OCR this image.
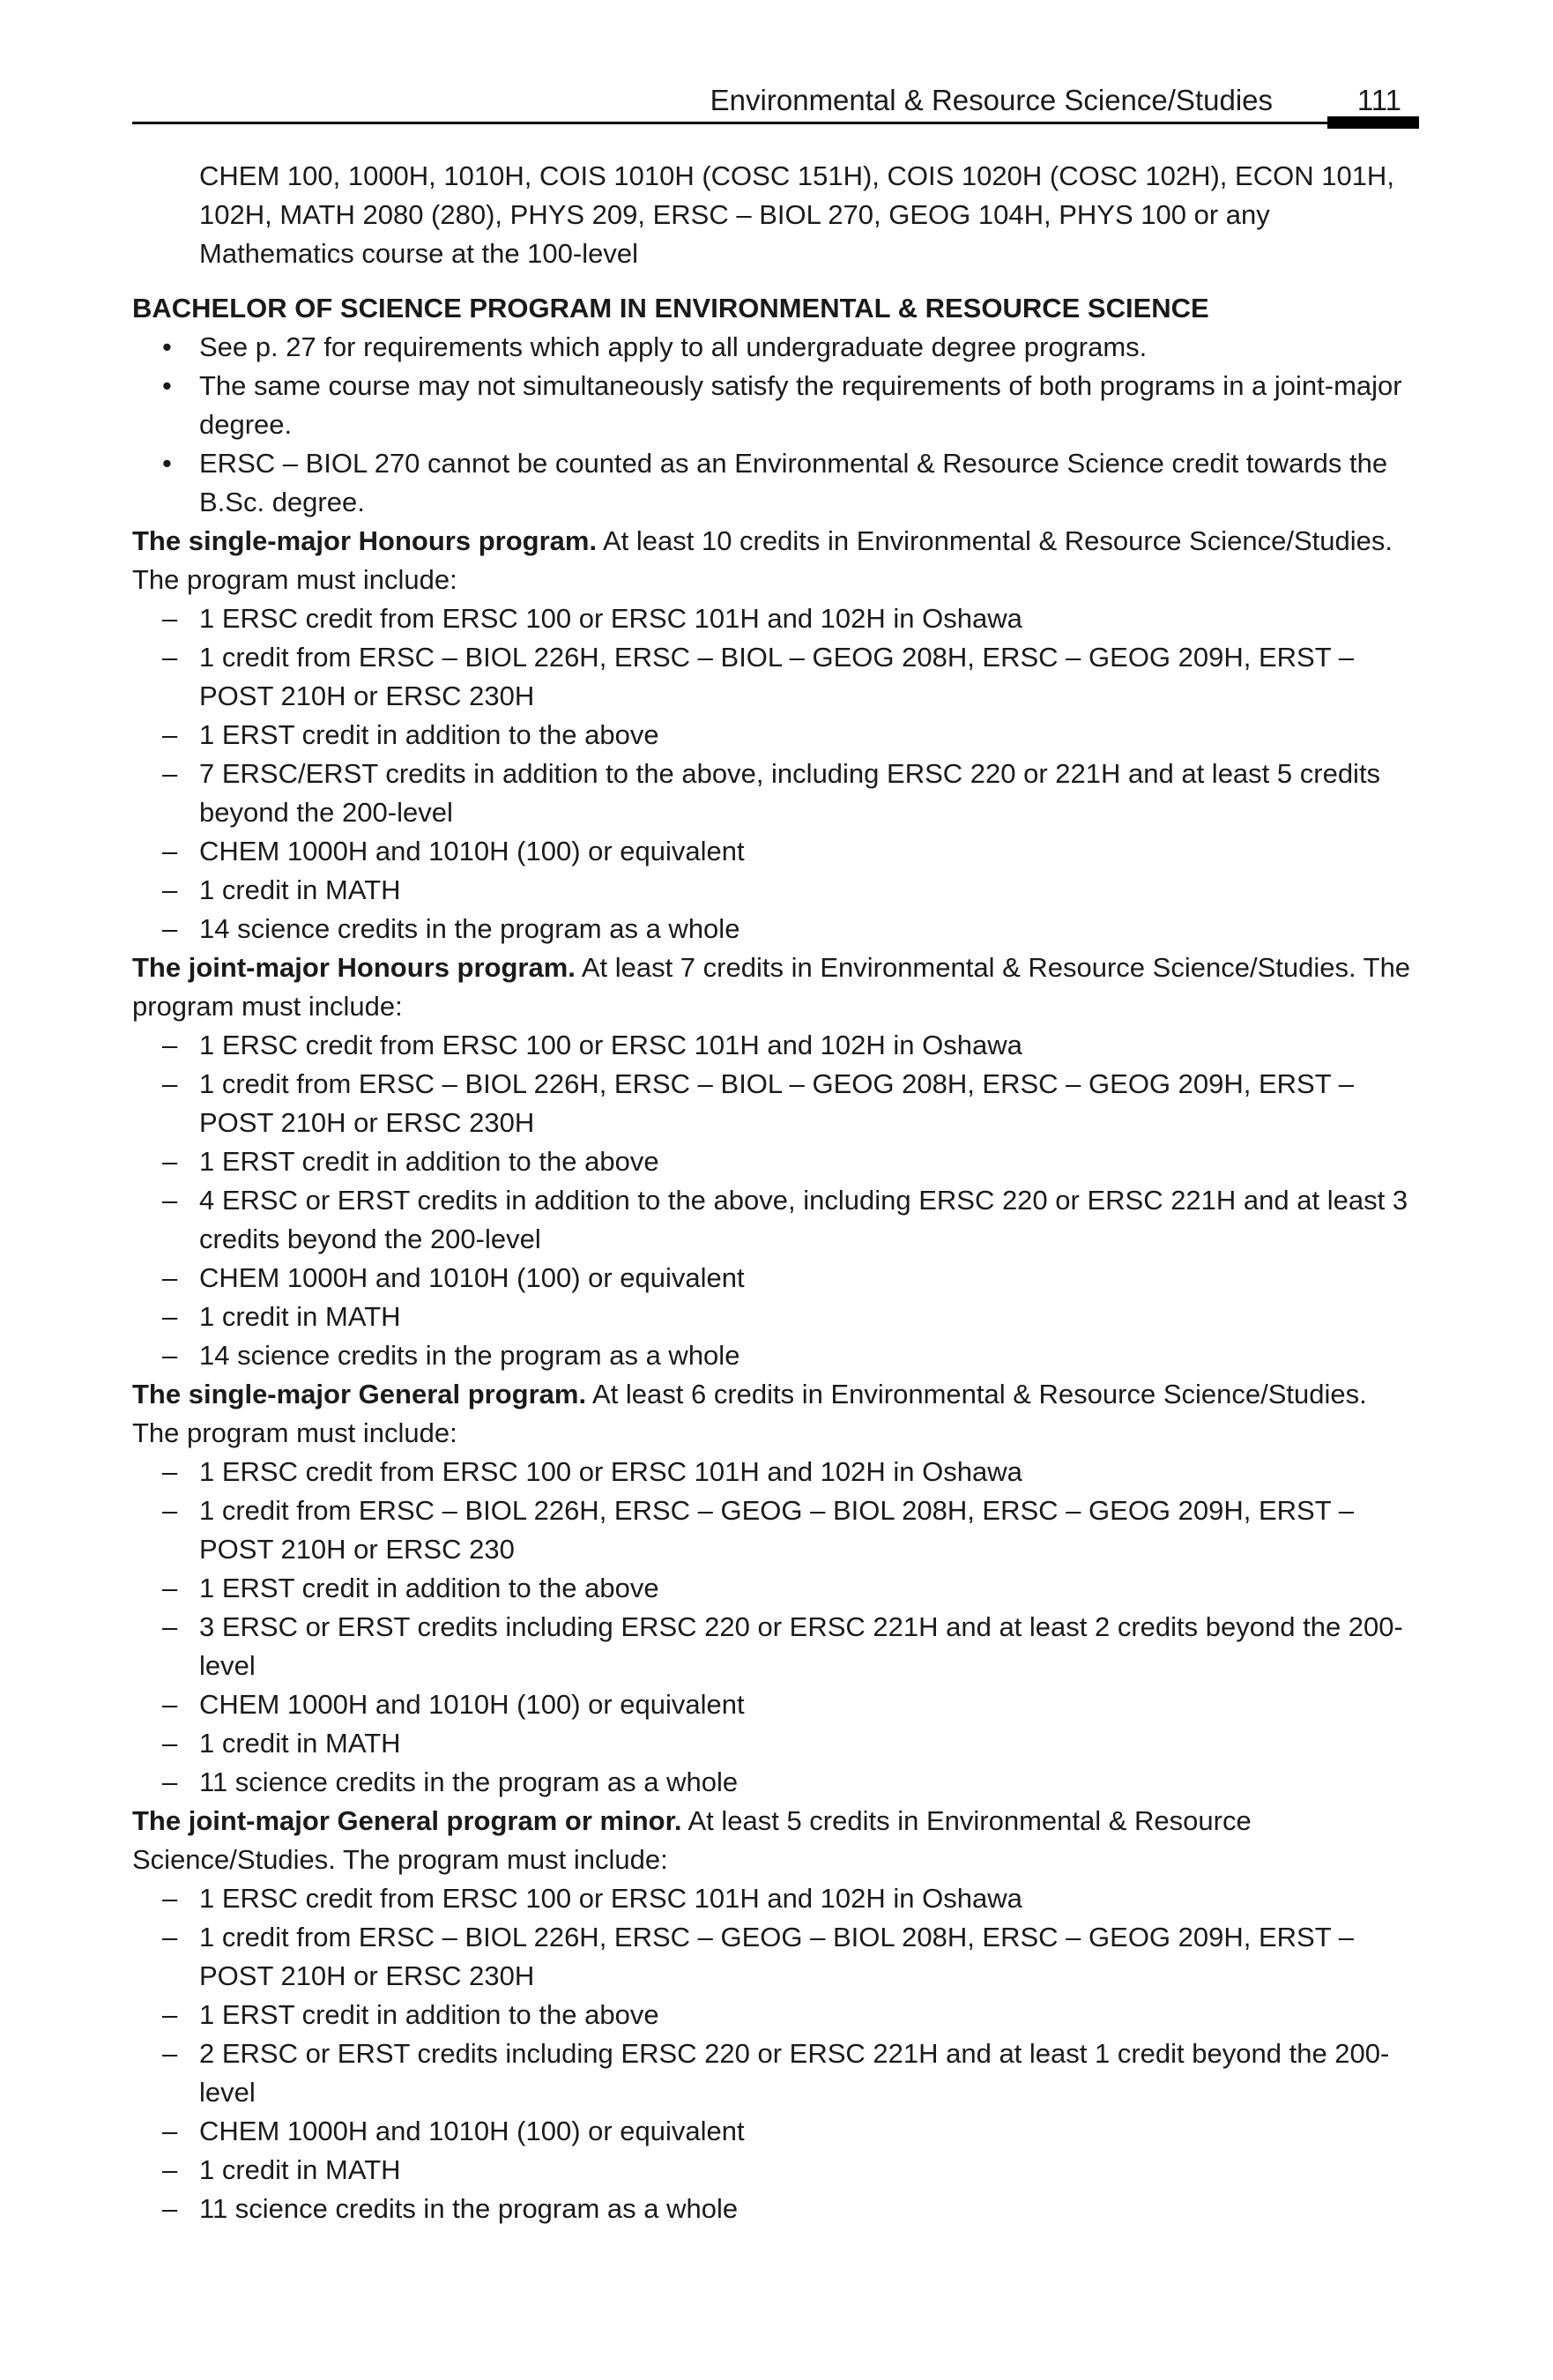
Environmental & Resource Science/Studies	111

CHEM 100, 1000H, 1010H, COIS 1010H (COSC 151H), COIS 1020H (COSC 102H), ECON 101H, 102H, MATH 2080 (280), PHYS 209, ERSC – BIOL 270, GEOG 104H, PHYS 100 or any Mathematics course at the 100-level

BACHELOR OF SCIENCE PROGRAM IN ENVIRONMENTAL & RESOURCE SCIENCE

• See p. 27 for requirements which apply to all undergraduate degree programs.
• The same course may not simultaneously satisfy the requirements of both programs in a joint-major degree.
• ERSC – BIOL 270 cannot be counted as an Environmental & Resource Science credit towards the B.Sc. degree.

The single-major Honours program. At least 10 credits in Environmental & Resource Science/Studies. The program must include:

– 1 ERSC credit from ERSC 100 or ERSC 101H and 102H in Oshawa
– 1 credit from ERSC – BIOL 226H, ERSC – BIOL – GEOG 208H, ERSC – GEOG 209H, ERST – POST 210H or ERSC 230H
– 1 ERST credit in addition to the above
– 7 ERSC/ERST credits in addition to the above, including ERSC 220 or 221H and at least 5 credits beyond the 200-level
– CHEM 1000H and 1010H (100) or equivalent
– 1 credit in MATH
– 14 science credits in the program as a whole

The joint-major Honours program. At least 7 credits in Environmental & Resource Science/Studies. The program must include:

– 1 ERSC credit from ERSC 100 or ERSC 101H and 102H in Oshawa
– 1 credit from ERSC – BIOL 226H, ERSC – BIOL – GEOG 208H, ERSC – GEOG 209H, ERST – POST 210H or ERSC 230H
– 1 ERST credit in addition to the above
– 4 ERSC or ERST credits in addition to the above, including ERSC 220 or ERSC 221H and at least 3 credits beyond the 200-level
– CHEM 1000H and 1010H (100) or equivalent
– 1 credit in MATH
– 14 science credits in the program as a whole

The single-major General program. At least 6 credits in Environmental & Resource Science/Studies. The program must include:

– 1 ERSC credit from ERSC 100 or ERSC 101H and 102H in Oshawa
– 1 credit from ERSC – BIOL 226H, ERSC – GEOG – BIOL 208H, ERSC – GEOG 209H, ERST – POST 210H or ERSC 230
– 1 ERST credit in addition to the above
– 3 ERSC or ERST credits including ERSC 220 or ERSC 221H and at least 2 credits beyond the 200-level
– CHEM 1000H and 1010H (100) or equivalent
– 1 credit in MATH
– 11 science credits in the program as a whole

The joint-major General program or minor. At least 5 credits in Environmental & Resource Science/Studies. The program must include:

– 1 ERSC credit from ERSC 100 or ERSC 101H and 102H in Oshawa
– 1 credit from ERSC – BIOL 226H, ERSC – GEOG – BIOL 208H, ERSC – GEOG 209H, ERST – POST 210H or ERSC 230H
– 1 ERST credit in addition to the above
– 2 ERSC or ERST credits including ERSC 220 or ERSC 221H and at least 1 credit beyond the 200-level
– CHEM 1000H and 1010H (100) or equivalent
– 1 credit in MATH
– 11 science credits in the program as a whole
